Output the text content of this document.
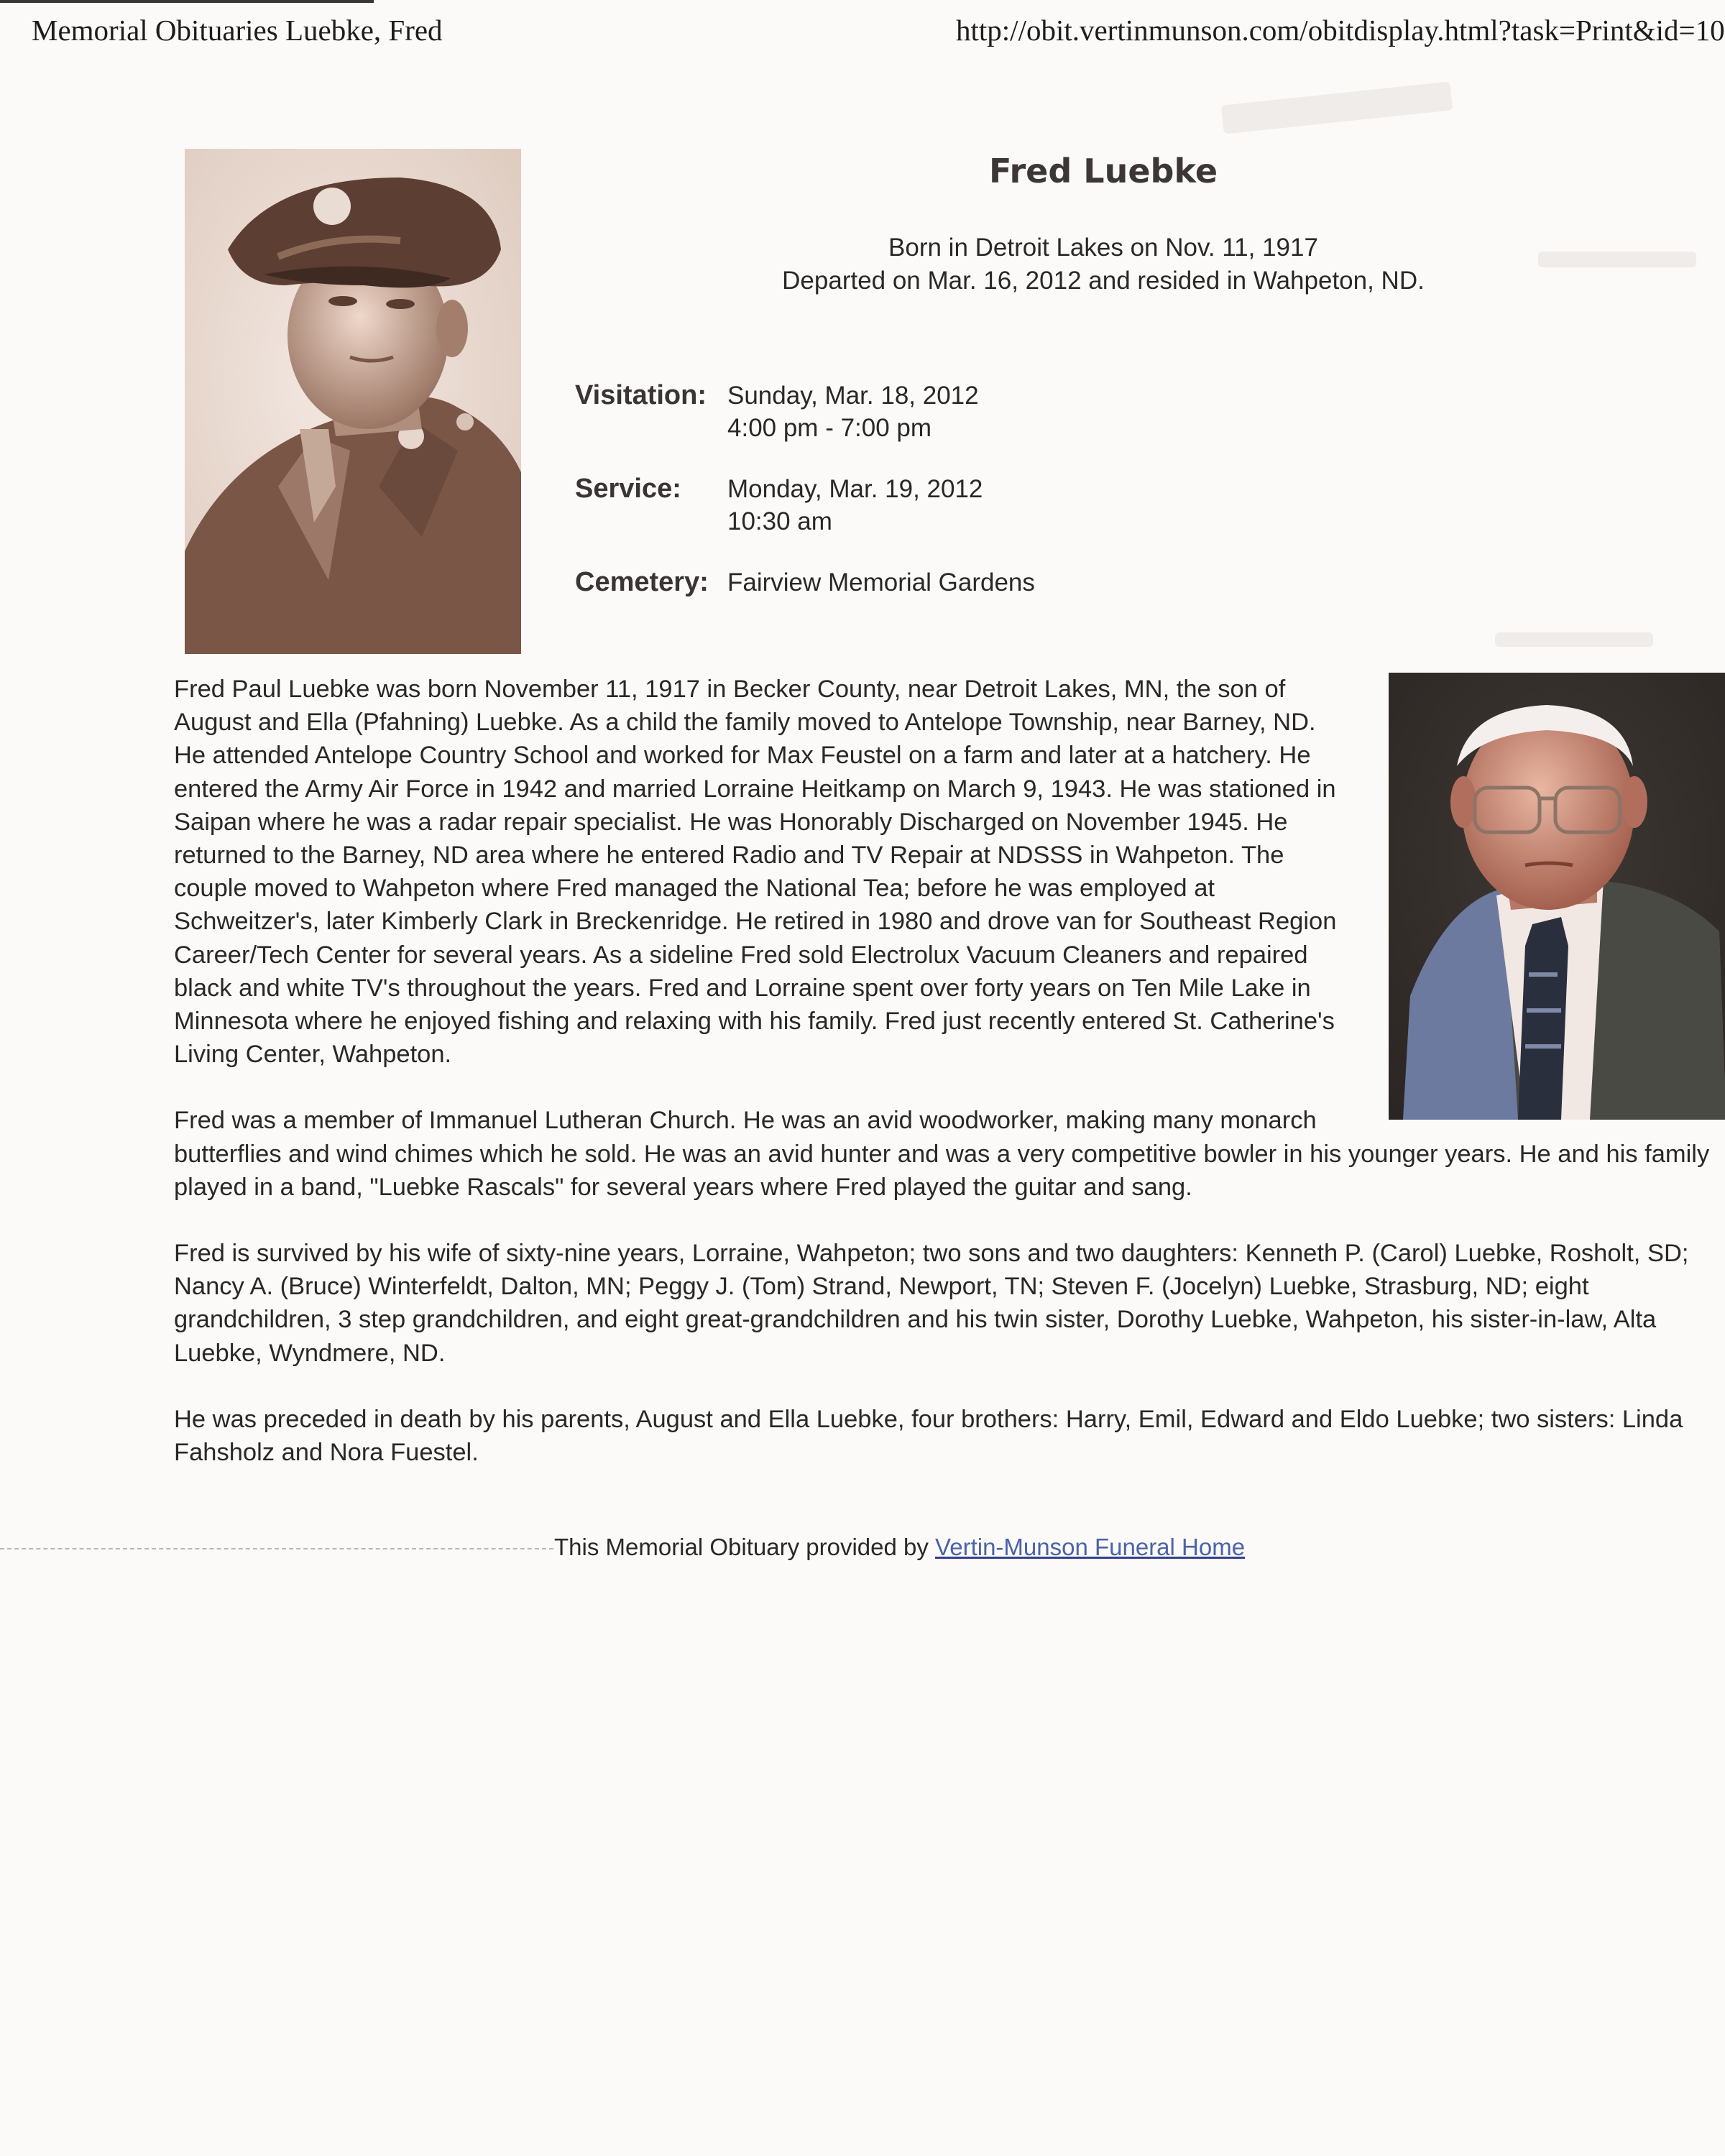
Memorial Obituaries Luebke, Fred	http://obit.vertinmunson.com/obitdisplay.html?task=Print&id=10
Fred Luebke
Born in Detroit Lakes on Nov. 11, 1917
Departed on Mar. 16, 2012 and resided in Wahpeton, ND.
Visitation: Sunday, Mar. 18, 2012
4:00 pm - 7:00 pm
Service:	Monday, Mar. 19, 2012
10:30 am
Cemetery: Fairview Memorial Gardens

Fred Paul Luebke was born November 11, 1917 in Becker County, near Detroit Lakes, MN, the son of August and Ella (Pfahning) Luebke. As a child the family moved to Antelope Township, near Barney, ND. He attended Antelope Country School and worked for Max Feustel on a farm and later at a hatchery. He entered the Army Air Force in 1942 and married Lorraine Heitkamp on March 9, 1943. He was stationed in Saipan where he was a radar repair specialist. He was Honorably Discharged on November 1945. He returned to the Barney, ND area where he entered Radio and TV Repair at NDSSS in Wahpeton. The couple moved to Wahpeton where Fred managed the National Tea; before he was employed at Schweitzer's, later Kimberly Clark in Breckenridge. He retired in 1980 and drove van for Southeast Region Career/Tech Center for several years. As a sideline Fred sold Electrolux Vacuum Cleaners and repaired black and white TV's throughout the years. Fred and Lorraine spent over forty years on Ten Mile Lake in Minnesota where he enjoyed fishing and relaxing with his family. Fred just recently entered St. Catherine's Living Center, Wahpeton.

Fred was a member of Immanuel Lutheran Church. He was an avid woodworker, making many monarch butterflies and wind chimes which he sold. He was an avid hunter and was a very competitive bowler in his younger years. He and his family played in a band, "Luebke Rascals" for several years where Fred played the guitar and sang.

Fred is survived by his wife of sixty-nine years, Lorraine, Wahpeton; two sons and two daughters: Kenneth P. (Carol) Luebke, Rosholt, SD; Nancy A. (Bruce) Winterfeldt, Dalton, MN; Peggy J. (Tom) Strand, Newport, TN; Steven F. (Jocelyn) Luebke, Strasburg, ND; eight grandchildren, 3 step grandchildren, and eight great-grandchildren and his twin sister, Dorothy Luebke, Wahpeton, his sister-in-law, Alta Luebke, Wyndmere, ND.

He was preceded in death by his parents, August and Ella Luebke, four brothers: Harry, Emil, Edward and Eldo Luebke; two sisters: Linda Fahsholz and Nora Fuestel.

This Memorial Obituary provided by Vertin-Munson Funeral Home
